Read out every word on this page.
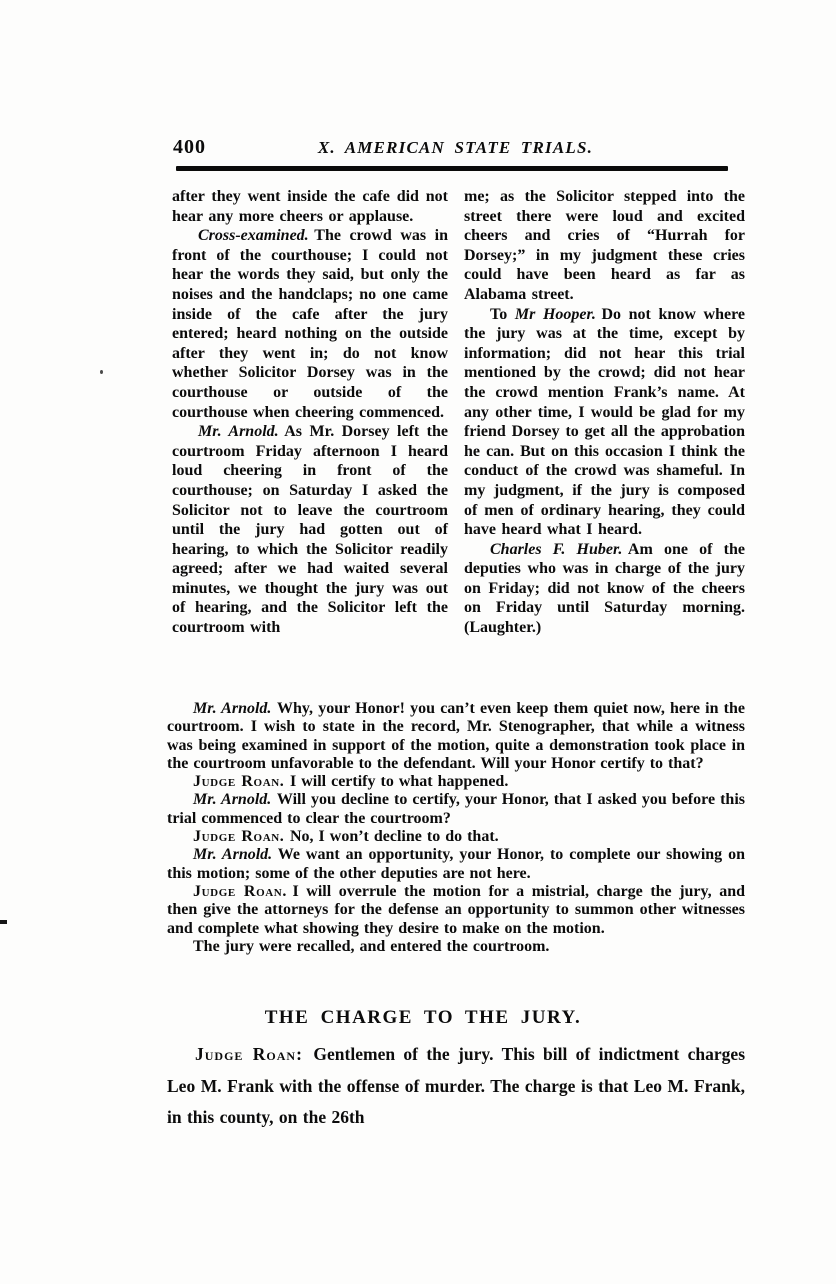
400	X. AMERICAN STATE TRIALS.

after they went inside the cafe did not hear any more cheers or applause.

Cross-examined. The crowd was in front of the courthouse; I could not hear the words they said, but only the noises and the handclaps; no one came inside of the cafe after the jury entered; heard nothing on the outside after they went in; do not know whether Solicitor Dorsey was in the courthouse or outside of the courthouse when cheering commenced.

Mr. Arnold. As Mr. Dorsey left the courtroom Friday afternoon I heard loud cheering in front of the courthouse; on Saturday I asked the Solicitor not to leave the courtroom until the jury had gotten out of hearing, to which the Solicitor readily agreed; after we had waited several minutes, we thought the jury was out of hearing, and the Solicitor left the courtroom with

me; as the Solicitor stepped into the street there were loud and excited cheers and cries of “Hurrah for Dorsey;” in my judgment these cries could have been heard as far as Alabama street.

To Mr Hooper. Do not know where the jury was at the time, except by information; did not hear this trial mentioned by the crowd; did not hear the crowd mention Frank’s name. At any other time, I would be glad for my friend Dorsey to get all the approbation he can. But on this occasion I think the conduct of the crowd was shameful. In my judgment, if the jury is composed of men of ordinary hearing, they could have heard what I heard.

Charles F. Huber. Am one of the deputies who was in charge of the jury on Friday; did not know of the cheers on Friday until Saturday morning. (Laughter.)

Mr. Arnold. Why, your Honor! you can’t even keep them quiet now, here in the courtroom. I wish to state in the record, Mr. Stenographer, that while a witness was being examined in support of the motion, quite a demonstration took place in the courtroom unfavorable to the defendant. Will your Honor certify to that?

Judge Roan. I will certify to what happened.

Mr. Arnold. Will you decline to certify, your Honor, that I asked you before this trial commenced to clear the courtroom?

Judge Roan. No, I won’t decline to do that.

Mr. Arnold. We want an opportunity, your Honor, to complete our showing on this motion; some of the other deputies are not here.

Judge Roan. I will overrule the motion for a mistrial, charge the jury, and then give the attorneys for the defense an opportunity to summon other witnesses and complete what showing they desire to make on the motion.

The jury were recalled, and entered the courtroom.

THE CHARGE TO THE JURY.

Judge Roan: Gentlemen of the jury. This bill of indictment charges Leo M. Frank with the offense of murder. The charge is that Leo M. Frank, in this county, on the 26th
